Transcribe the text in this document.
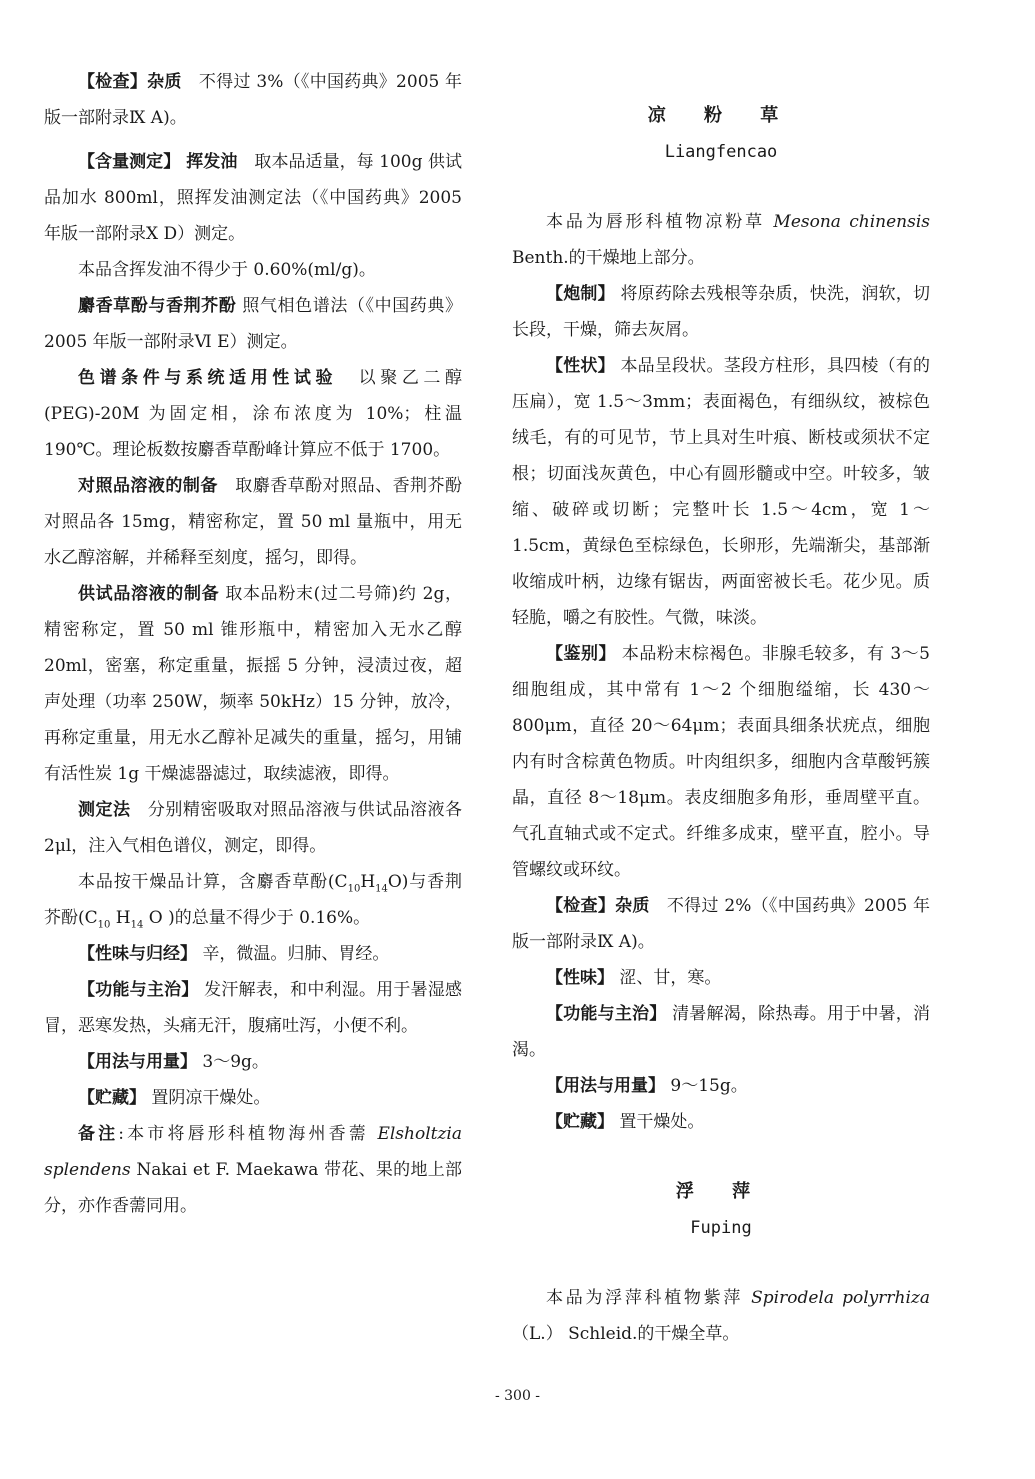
【检查】杂质　不得过 3%（《中国药典》2005 年版一部附录Ⅸ A)。

【含量测定】 挥发油　取本品适量，每 100g 供试品加水 800ml，照挥发油测定法（《中国药典》2005 年版一部附录Ⅹ D）测定。

本品含挥发油不得少于 0.60%(ml/g)。

麝香草酚与香荆芥酚 照气相色谱法（《中国药典》2005 年版一部附录Ⅵ E）测定。

色谱条件与系统适用性试验　以聚乙二醇(PEG)-20M 为固定相，涂布浓度为 10%；柱温 190℃。理论板数按麝香草酚峰计算应不低于 1700。

对照品溶液的制备　取麝香草酚对照品、香荆芥酚对照品各 15mg，精密称定，置 50 ml 量瓶中，用无水乙醇溶解，并稀释至刻度，摇匀，即得。

供试品溶液的制备 取本品粉末(过二号筛)约 2g，精密称定，置 50 ml 锥形瓶中，精密加入无水乙醇 20ml，密塞，称定重量，振摇 5 分钟，浸渍过夜，超声处理（功率 250W，频率 50kHz）15 分钟，放冷，再称定重量，用无水乙醇补足减失的重量，摇匀，用铺有活性炭 1g 干燥滤器滤过，取续滤液，即得。

测定法　分别精密吸取对照品溶液与供试品溶液各 2μl，注入气相色谱仪，测定，即得。

本品按干燥品计算，含麝香草酚$(C_{10}H_{14}O)$与香荆芥酚($C_{10}$ $H_{14}$ O )的总量不得少于 0.16%。

【性味与归经】 辛，微温。归肺、胃经。

【功能与主治】 发汗解表，和中利湿。用于暑湿感冒，恶寒发热，头痛无汗，腹痛吐泻，小便不利。

【用法与用量】 3～9g。

【贮藏】 置阴凉干燥处。

备注:本市将唇形科植物海州香薷 Elsholtzia splendens Nakai et F. Maekawa 带花、果的地上部分，亦作香薷同用。

凉 粉 草

Liangfencao

本品为唇形科植物凉粉草 Mesona chinensis Benth.的干燥地上部分。

【炮制】 将原药除去残根等杂质，快洗，润软，切长段，干燥，筛去灰屑。

【性状】 本品呈段状。茎段方柱形，具四棱（有的压扁），宽 1.5～3mm；表面褐色，有细纵纹，被棕色绒毛，有的可见节，节上具对生叶痕、断枝或须状不定根；切面浅灰黄色，中心有圆形髓或中空。叶较多，皱缩、破碎或切断；完整叶长 1.5～4cm，宽 1～1.5cm，黄绿色至棕绿色，长卵形，先端渐尖，基部渐收缩成叶柄，边缘有锯齿，两面密被长毛。花少见。质轻脆，嚼之有胶性。气微，味淡。

【鉴别】 本品粉末棕褐色。非腺毛较多，有 3～5 细胞组成，其中常有 1～2 个细胞缢缩，长 430～800μm，直径 20～64μm；表面具细条状疣点，细胞内有时含棕黄色物质。叶肉组织多，细胞内含草酸钙簇晶，直径 8～18μm。表皮细胞多角形，垂周壁平直。气孔直轴式或不定式。纤维多成束，壁平直，腔小。导管螺纹或环纹。

【检查】杂质　不得过 2%（《中国药典》2005 年版一部附录Ⅸ A)。

【性味】 涩、甘，寒。

【功能与主治】 清暑解渴，除热毒。用于中暑，消渴。

【用法与用量】 9～15g。

【贮藏】 置干燥处。

浮 萍

Fuping

本品为浮萍科植物紫萍 Spirodela polyrrhiza （L.） Schleid.的干燥全草。

- 300 -
